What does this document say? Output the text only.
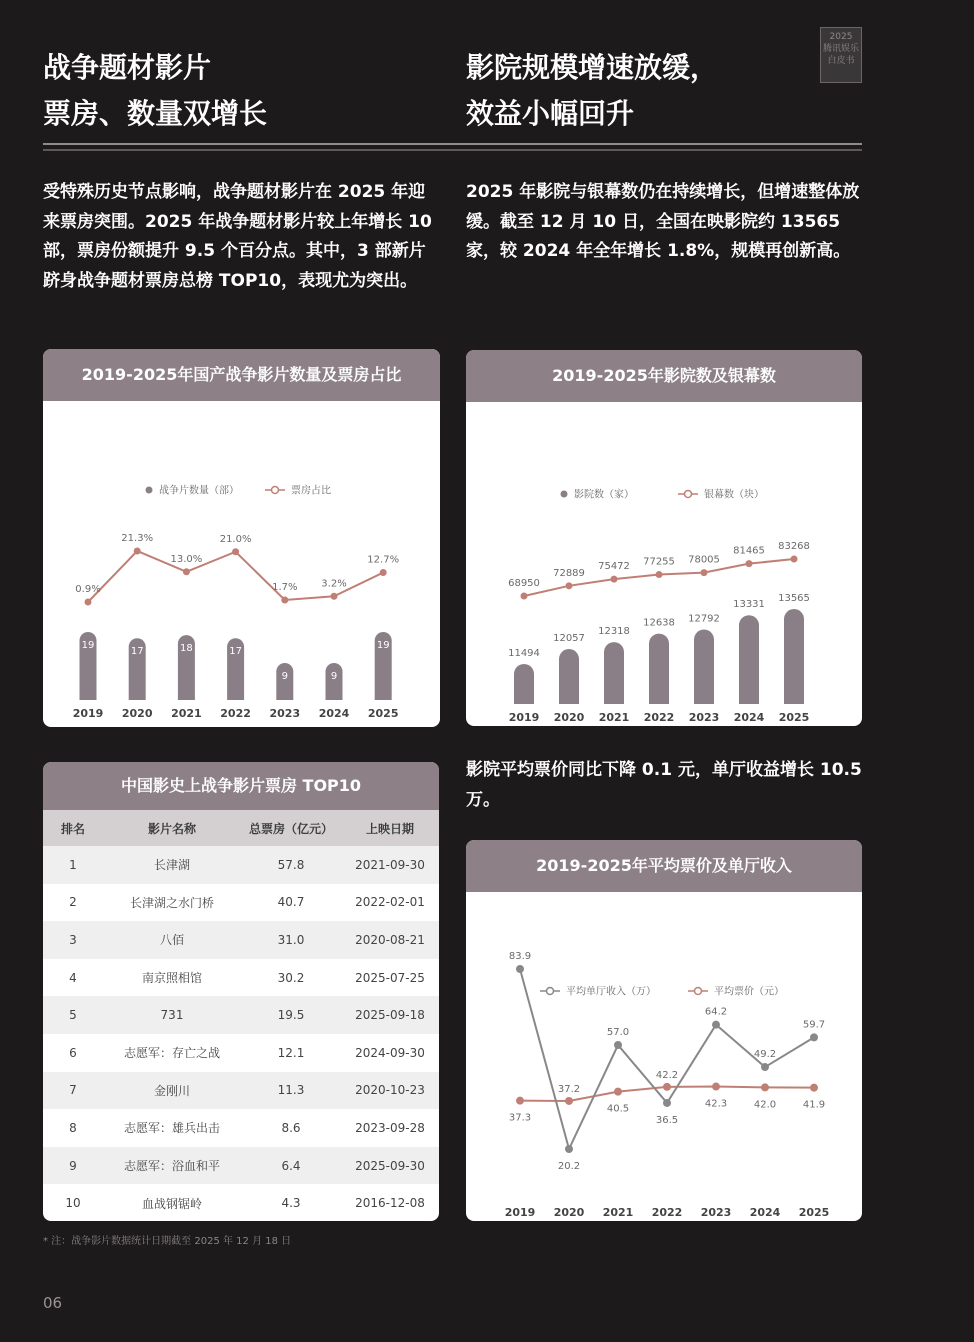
战争题材影片
票房、数量双增长
影院规模增速放缓，
效益小幅回升
2025
腾讯娱乐
白皮书
受特殊历史节点影响，战争题材影片在 2025 年迎来票房突围。2025 年战争题材影片较上年增长 10 部，票房份额提升 9.5 个百分点。其中，3 部新片跻身战争题材票房总榜 TOP10，表现尤为突出。
2025 年影院与银幕数仍在持续增长，但增速整体放缓。截至 12 月 10 日，全国在映影院约 13565 家，较 2024 年全年增长 1.8%，规模再创新高。
影院平均票价同比下降 0.1 元，单厅收益增长 10.5 万。
2019-2025年国产战争影片数量及票房占比
战争片数量（部）	票房占比
19
2019
17
2020
18
2021
17
2022
9
2023
9
2024
19
2025
0.9%
21.3%
13.0%
21.0%
1.7% 3.2%
12.7%
2019-2025年影院数及银幕数
影院数（家）	银幕数（块）
11494
2019
12057
2020
12318
2021
12638
2022
12792
2023
13331
2024
13565
2025
68950
72889
75472 77255 78005
81465 83268
2019-2025年平均票价及单厅收入
平均单厅收入（万）	平均票价（元）
2019 2020 2021 2022 2023 2024 2025
37.3
37.2
40.5
42.2
42.3	42.0	41.9
83.9
20.2
57.0
36.5
64.2
49.2
59.7
中国影史上战争影片票房 TOP10
排名	影片名称	总票房（亿元）	上映日期
1	长津湖	57.8	2021-09-30
2	长津湖之水门桥	40.7	2022-02-01
3	八佰	31.0	2020-08-21
4	南京照相馆	30.2	2025-07-25
5	731	19.5	2025-09-18
6	志愿军：存亡之战	12.1	2024-09-30
7	金刚川	11.3	2020-10-23
8	志愿军：雄兵出击	8.6	2023-09-28
9	志愿军：浴血和平	6.4	2025-09-30
10	血战钢锯岭	4.3	2016-12-08
* 注：战争影片数据统计日期截至 2025 年 12 月 18 日
06
